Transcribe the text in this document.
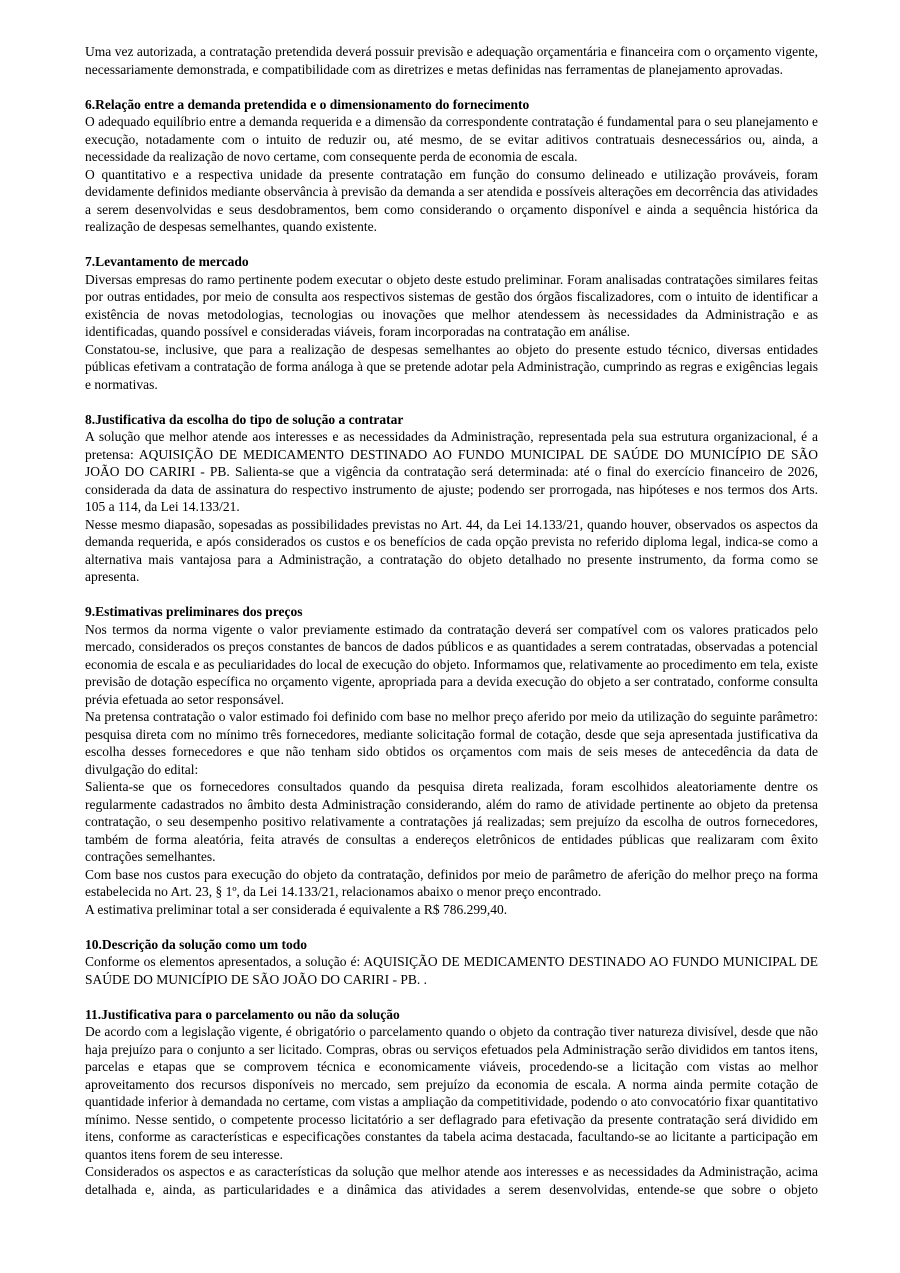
Uma vez autorizada, a contratação pretendida deverá possuir previsão e adequação orçamentária e financeira com o orçamento vigente, necessariamente demonstrada, e compatibilidade com as diretrizes e metas definidas nas ferramentas de planejamento aprovadas.

6.Relação entre a demanda pretendida e o dimensionamento do fornecimento

O adequado equilíbrio entre a demanda requerida e a dimensão da correspondente contratação é fundamental para o seu planejamento e execução, notadamente com o intuito de reduzir ou, até mesmo, de se evitar aditivos contratuais desnecessários ou, ainda, a necessidade da realização de novo certame, com consequente perda de economia de escala.

O quantitativo e a respectiva unidade da presente contratação em função do consumo delineado e utilização prováveis, foram devidamente definidos mediante observância à previsão da demanda a ser atendida e possíveis alterações em decorrência das atividades a serem desenvolvidas e seus desdobramentos, bem como considerando o orçamento disponível e ainda a sequência histórica da realização de despesas semelhantes, quando existente.

7.Levantamento de mercado

Diversas empresas do ramo pertinente podem executar o objeto deste estudo preliminar. Foram analisadas contratações similares feitas por outras entidades, por meio de consulta aos respectivos sistemas de gestão dos órgãos fiscalizadores, com o intuito de identificar a existência de novas metodologias, tecnologias ou inovações que melhor atendessem às necessidades da Administração e as identificadas, quando possível e consideradas viáveis, foram incorporadas na contratação em análise.

Constatou-se, inclusive, que para a realização de despesas semelhantes ao objeto do presente estudo técnico, diversas entidades públicas efetivam a contratação de forma análoga à que se pretende adotar pela Administração, cumprindo as regras e exigências legais e normativas.

8.Justificativa da escolha do tipo de solução a contratar

A solução que melhor atende aos interesses e as necessidades da Administração, representada pela sua estrutura organizacional, é a pretensa: AQUISIÇÃO DE MEDICAMENTO DESTINADO AO FUNDO MUNICIPAL DE SAÚDE DO MUNICÍPIO DE SÃO JOÃO DO CARIRI - PB. Salienta-se que a vigência da contratação será determinada: até o final do exercício financeiro de 2026, considerada da data de assinatura do respectivo instrumento de ajuste; podendo ser prorrogada, nas hipóteses e nos termos dos Arts. 105 a 114, da Lei 14.133/21.

Nesse mesmo diapasão, sopesadas as possibilidades previstas no Art. 44, da Lei 14.133/21, quando houver, observados os aspectos da demanda requerida, e após considerados os custos e os benefícios de cada opção prevista no referido diploma legal, indica-se como a alternativa mais vantajosa para a Administração, a contratação do objeto detalhado no presente instrumento, da forma como se apresenta.

9.Estimativas preliminares dos preços

Nos termos da norma vigente o valor previamente estimado da contratação deverá ser compatível com os valores praticados pelo mercado, considerados os preços constantes de bancos de dados públicos e as quantidades a serem contratadas, observadas a potencial economia de escala e as peculiaridades do local de execução do objeto. Informamos que, relativamente ao procedimento em tela, existe previsão de dotação específica no orçamento vigente, apropriada para a devida execução do objeto a ser contratado, conforme consulta prévia efetuada ao setor responsável.

Na pretensa contratação o valor estimado foi definido com base no melhor preço aferido por meio da utilização do seguinte parâmetro: pesquisa direta com no mínimo três fornecedores, mediante solicitação formal de cotação, desde que seja apresentada justificativa da escolha desses fornecedores e que não tenham sido obtidos os orçamentos com mais de seis meses de antecedência da data de divulgação do edital:

Salienta-se que os fornecedores consultados quando da pesquisa direta realizada, foram escolhidos aleatoriamente dentre os regularmente cadastrados no âmbito desta Administração considerando, além do ramo de atividade pertinente ao objeto da pretensa contratação, o seu desempenho positivo relativamente a contratações já realizadas; sem prejuízo da escolha de outros fornecedores, também de forma aleatória, feita através de consultas a endereços eletrônicos de entidades públicas que realizaram com êxito contrações semelhantes.

Com base nos custos para execução do objeto da contratação, definidos por meio de parâmetro de aferição do melhor preço na forma estabelecida no Art. 23, § 1º, da Lei 14.133/21, relacionamos abaixo o menor preço encontrado.

A estimativa preliminar total a ser considerada é equivalente a R$ 786.299,40.

10.Descrição da solução como um todo

Conforme os elementos apresentados, a solução é: AQUISIÇÃO DE MEDICAMENTO DESTINADO AO FUNDO MUNICIPAL DE SAÚDE DO MUNICÍPIO DE SÃO JOÃO DO CARIRI - PB. .

11.Justificativa para o parcelamento ou não da solução

De acordo com a legislação vigente, é obrigatório o parcelamento quando o objeto da contração tiver natureza divisível, desde que não haja prejuízo para o conjunto a ser licitado. Compras, obras ou serviços efetuados pela Administração serão divididos em tantos itens, parcelas e etapas que se comprovem técnica e economicamente viáveis, procedendo-se a licitação com vistas ao melhor aproveitamento dos recursos disponíveis no mercado, sem prejuízo da economia de escala. A norma ainda permite cotação de quantidade inferior à demandada no certame, com vistas a ampliação da competitividade, podendo o ato convocatório fixar quantitativo mínimo. Nesse sentido, o competente processo licitatório a ser deflagrado para efetivação da presente contratação será dividido em itens, conforme as características e especificações constantes da tabela acima destacada, facultando-se ao licitante a participação em quantos itens forem de seu interesse.

Considerados os aspectos e as características da solução que melhor atende aos interesses e as necessidades da Administração, acima detalhada e, ainda, as particularidades e a dinâmica das atividades a serem desenvolvidas, entende-se que sobre o objeto
